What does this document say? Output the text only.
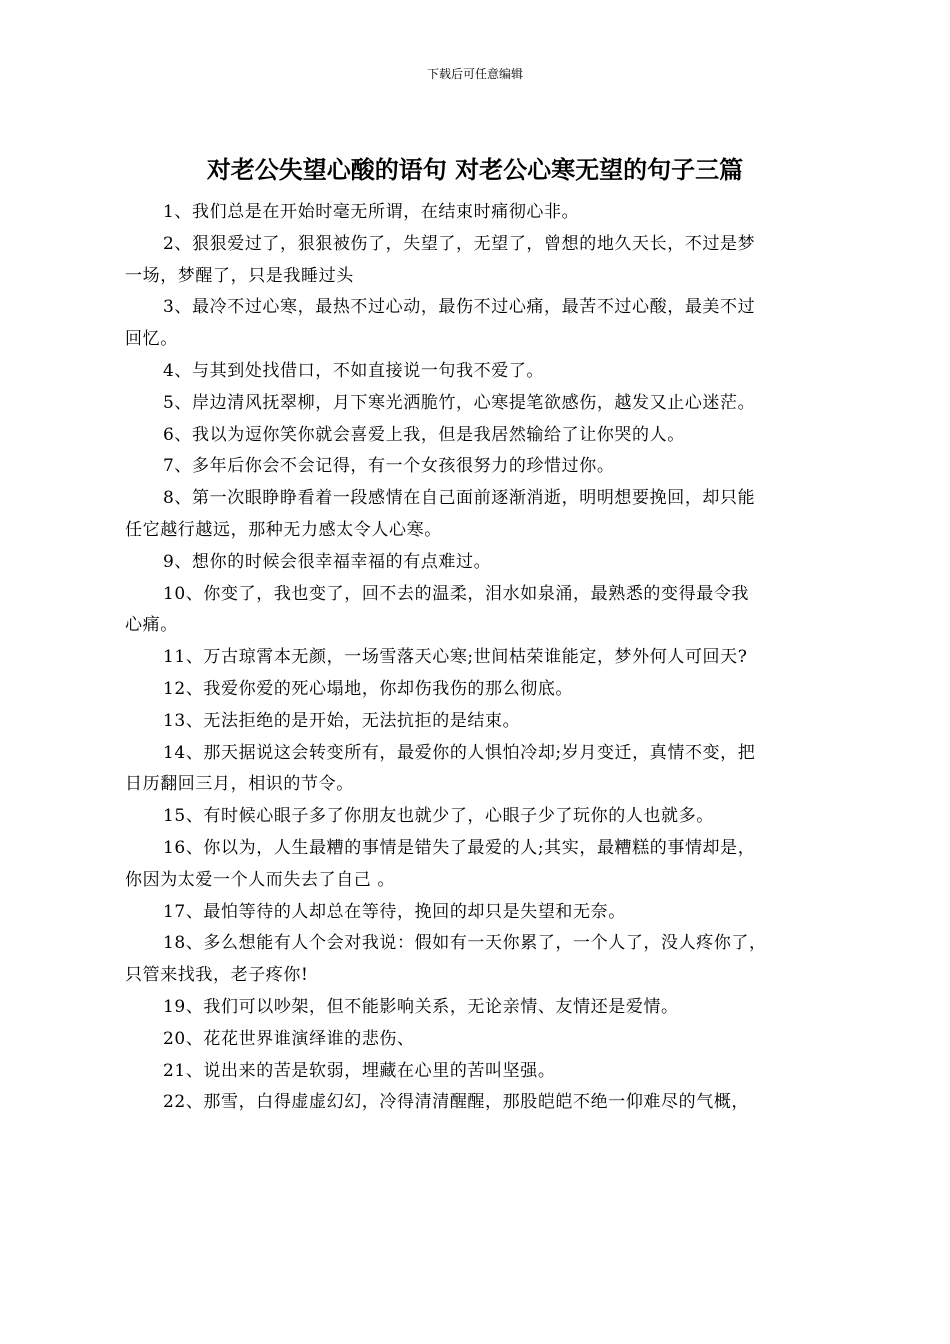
下载后可任意编辑
对老公失望心酸的语句 对老公心寒无望的句子三篇

1、我们总是在开始时毫无所谓，在结束时痛彻心非。

2、狠狠爱过了，狠狠被伤了，失望了，无望了，曾想的地久天长，不过是梦
一场，梦醒了，只是我睡过头

3、最冷不过心寒，最热不过心动，最伤不过心痛，最苦不过心酸，最美不过
回忆。

4、与其到处找借口，不如直接说一句我不爱了。

5、岸边清风抚翠柳，月下寒光洒脆竹，心寒提笔欲感伤，越发又止心迷茫。

6、我以为逗你笑你就会喜爱上我，但是我居然输给了让你哭的人。

7、多年后你会不会记得，有一个女孩很努力的珍惜过你。

8、第一次眼睁睁看着一段感情在自己面前逐渐消逝，明明想要挽回，却只能
任它越行越远，那种无力感太令人心寒。

9、想你的时候会很幸福幸福的有点难过。

10、你变了，我也变了，回不去的温柔，泪水如泉涌，最熟悉的变得最令我
心痛。

11、万古琼霄本无颜，一场雪落天心寒;世间枯荣谁能定，梦外何人可回天?

12、我爱你爱的死心塌地，你却伤我伤的那么彻底。

13、无法拒绝的是开始，无法抗拒的是结束。

14、那天据说这会转变所有，最爱你的人惧怕冷却;岁月变迁，真情不变，把
日历翻回三月，相识的节令。

15、有时候心眼子多了你朋友也就少了，心眼子少了玩你的人也就多。

16、你以为，人生最糟的事情是错失了最爱的人;其实，最糟糕的事情却是，
你因为太爱一个人而失去了自己 。

17、最怕等待的人却总在等待，挽回的却只是失望和无奈。

18、多么想能有人个会对我说：假如有一天你累了，一个人了，没人疼你了，
只管来找我，老子疼你!

19、我们可以吵架，但不能影响关系，无论亲情、友情还是爱情。

20、花花世界谁演绎谁的悲伤、

21、说出来的苦是软弱，埋藏在心里的苦叫坚强。

22、那雪，白得虚虚幻幻，冷得清清醒醒，那股皑皑不绝一仰难尽的气概，
